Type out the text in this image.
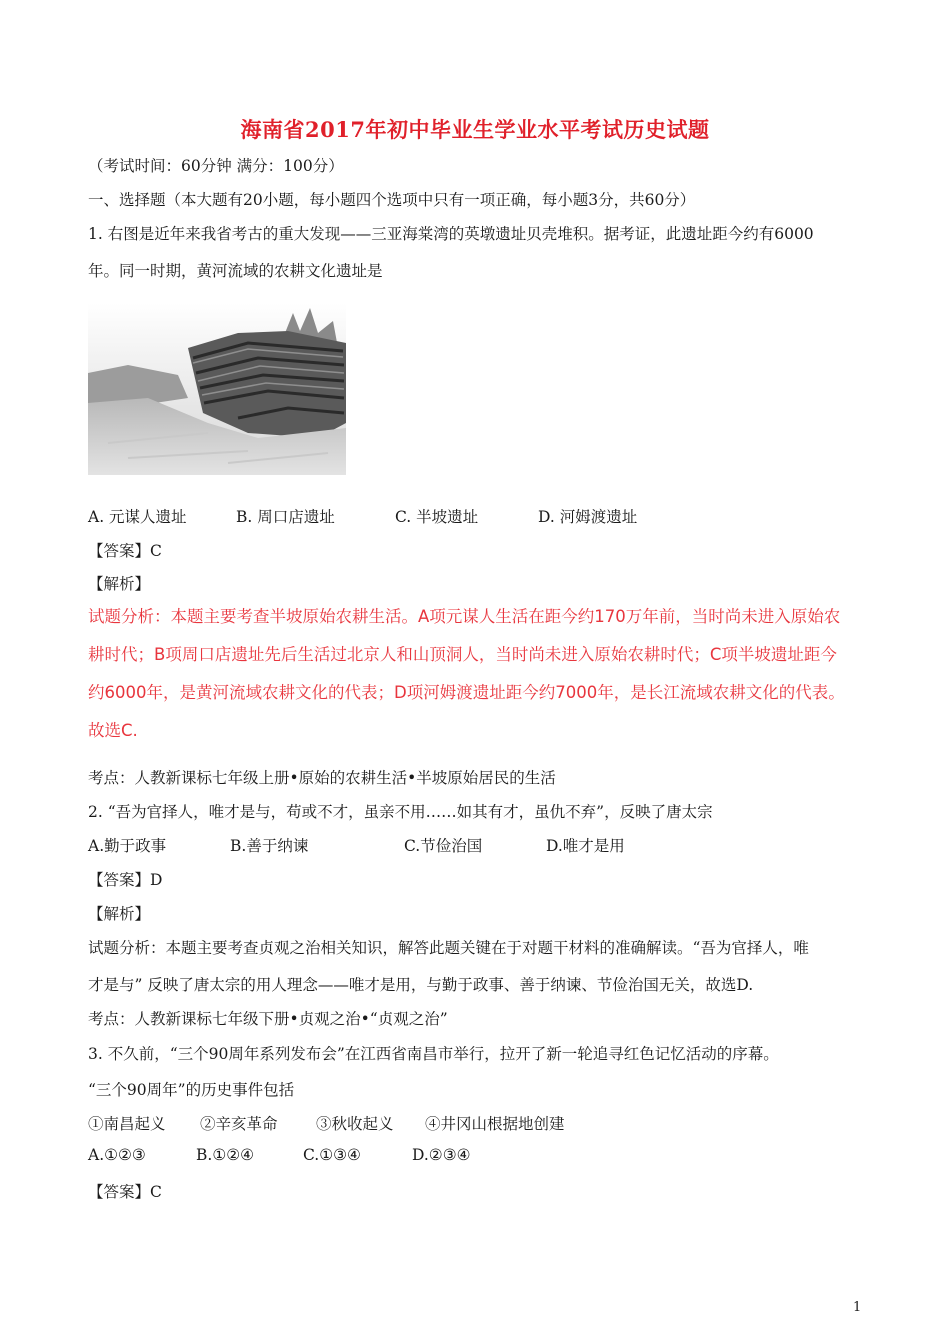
海南省2017年初中毕业生学业水平考试历史试题
（考试时间：60分钟 满分：100分）
一、选择题（本大题有20小题，每小题四个选项中只有一项正确，每小题3分，共60分）
1. 右图是近年来我省考古的重大发现——三亚海棠湾的英墩遗址贝壳堆积。据考证，此遗址距今约有6000
年。同一时期，黄河流域的农耕文化遗址是
A. 元谋人遗址	B. 周口店遗址	C. 半坡遗址	D. 河姆渡遗址
【答案】C
【解析】
试题分析：本题主要考查半坡原始农耕生活。A项元谋人生活在距今约170万年前，当时尚未进入原始农
耕时代；B项周口店遗址先后生活过北京人和山顶洞人，当时尚未进入原始农耕时代；C项半坡遗址距今
约6000年，是黄河流域农耕文化的代表；D项河姆渡遗址距今约7000年，是长江流域农耕文化的代表。
故选C.
考点：人教新课标七年级上册•原始的农耕生活•半坡原始居民的生活
2. “吾为官择人，唯才是与，苟或不才，虽亲不用……如其有才，虽仇不弃”，反映了唐太宗
A.勤于政事	B.善于纳谏	C.节俭治国	D.唯才是用
【答案】D
【解析】
试题分析：本题主要考查贞观之治相关知识，解答此题关键在于对题干材料的准确解读。“吾为官择人，唯
才是与” 反映了唐太宗的用人理念——唯才是用，与勤于政事、善于纳谏、节俭治国无关，故选D.
考点：人教新课标七年级下册•贞观之治•“贞观之治”
3. 不久前，“三个90周年系列发布会”在江西省南昌市举行，拉开了新一轮追寻红色记忆活动的序幕。
“三个90周年”的历史事件包括
①南昌起义 ②辛亥革命 ③秋收起义 ④井冈山根据地创建
A.①②③	B.①②④	C.①③④	D.②③④
【答案】C
1
